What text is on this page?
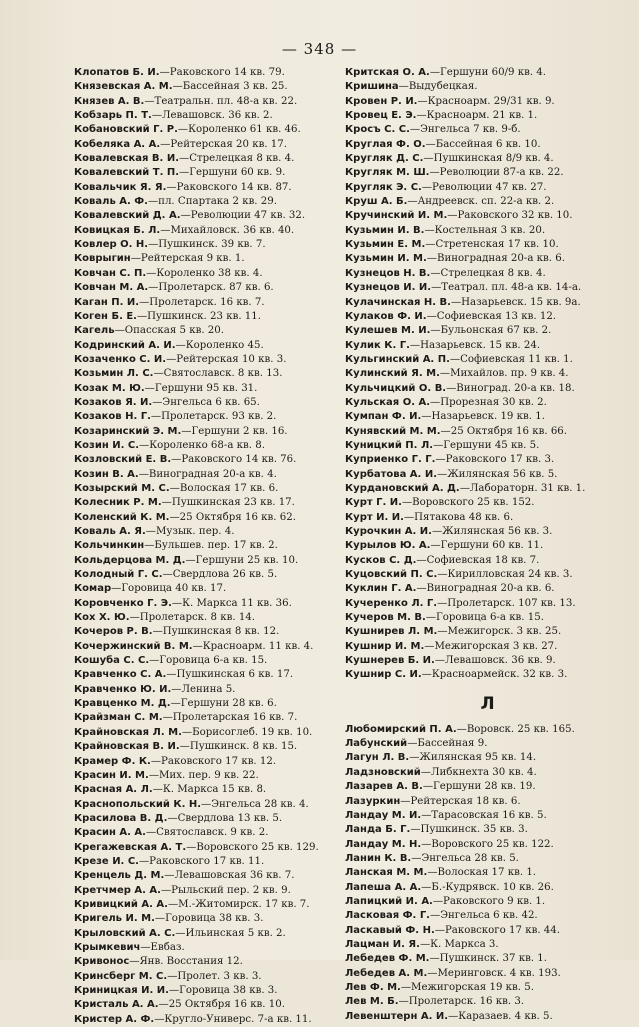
— 348 —
Клопатов Б. И.—Раковского 14 кв. 79.
Князевская А. М.—Бассейная 3 кв. 25.
Князев А. В.—Театральн. пл. 48-а кв. 22.
Кобзарь П. Т.—Левашовск. 36 кв. 2.
Кобановский Г. Р.—Короленко 61 кв. 46.
Кобеляка А. А.—Рейтерская 20 кв. 17.
Ковалевская В. И.—Стрелецкая 8 кв. 4.
Ковалевский Т. П.—Гершуни 60 кв. 9.
Ковальчик Я. Я.—Раковского 14 кв. 87.
Коваль А. Ф.—пл. Спартака 2 кв. 29.
Ковалевский Д. А.—Революции 47 кв. 32.
Ковицкая Б. Л.—Михайловск. 36 кв. 40.
Ковлер О. Н.—Пушкинск. 39 кв. 7.
Коврыгин—Рейтерская 9 кв. 1.
Ковчан С. П.—Короленко 38 кв. 4.
Ковчан М. А.—Пролетарск. 87 кв. 6.
Каган П. И.—Пролетарск. 16 кв. 7.
Коген Б. Е.—Пушкинск. 23 кв. 11.
Кагель—Опасская 5 кв. 20.
Кодринский А. И.—Короленко 45.
Козаченко С. И.—Рейтерская 10 кв. 3.
Козьмин Л. С.—Святославск. 8 кв. 13.
Козак М. Ю.—Гершуни 95 кв. 31.
Козаков Я. И.—Энгельса 6 кв. 65.
Козаков Н. Г.—Пролетарск. 93 кв. 2.
Козаринский Э. М.—Гершуни 2 кв. 16.
Козин И. С.—Короленко 68-а кв. 8.
Козловский Е. В.—Раковского 14 кв. 76.
Козин В. А.—Виноградная 20-а кв. 4.
Козырский М. С.—Волоская 17 кв. 6.
Колесник Р. М.—Пушкинская 23 кв. 17.
Коленский К. М.—25 Октября 16 кв. 62.
Коваль А. Я.—Музык. пер. 4.
Кольчинкин—Бульшев. пер. 17 кв. 2.
Кольдерцова М. Д.—Гершуни 25 кв. 10.
Колодный Г. С.—Свердлова 26 кв. 5.
Комар—Горовица 40 кв. 17.
Коровченко Г. Э.—К. Маркса 11 кв. 36.
Кох Х. Ю.—Пролетарск. 8 кв. 14.
Кочеров Р. В.—Пушкинская 8 кв. 12.
Кочержинский В. М.—Красноарм. 11 кв. 4.
Кошуба С. С.—Горовица 6-а кв. 15.
Кравченко С. А.—Пушкинская 6 кв. 17.
Кравченко Ю. И.—Ленина 5.
Кравценко М. Д.—Гершуни 28 кв. 6.
Крайзман С. М.—Пролетарская 16 кв. 7.
Крайновская Л. М.—Борисоглеб. 19 кв. 10.
Крайновская В. И.—Пушкинск. 8 кв. 15.
Крамер Ф. К.—Раковского 17 кв. 12.
Красин И. М.—Мих. пер. 9 кв. 22.
Красная А. Л.—К. Маркса 15 кв. 8.
Краснопольский К. Н.—Энгельса 28 кв. 4.
Красилова В. Д.—Свердлова 13 кв. 5.
Красин А. А.—Святославск. 9 кв. 2.
Крегажевская А. Т.—Воровского 25 кв. 129.
Крезе И. С.—Раковского 17 кв. 11.
Кренцель Д. М.—Левашовская 36 кв. 7.
Кретчмер А. А.—Рыльский пер. 2 кв. 9.
Кривицкий А. А.—М.-Житомирск. 17 кв. 7.
Кригель И. М.—Горовица 38 кв. 3.
Крыловский А. С.—Ильинская 5 кв. 2.
Крымкевич—Евбаз.
Кривонос—Янв. Восстания 12.
Кринсберг М. С.—Пролет. 3 кв. 3.
Криницкая И. И.—Горовица 38 кв. 3.
Кристаль А. А.—25 Октября 16 кв. 10.
Кристер А. Ф.—Кругло-Универс. 7-а кв. 11.
Критская О. А.—Гершуни 60/9 кв. 4.
Кришина—Выдубецкая.
Кровен Р. И.—Красноарм. 29/31 кв. 9.
Кровец Е. Э.—Красноарм. 21 кв. 1.
Кросъ С. С.—Энгельса 7 кв. 9-б.
Круглая Ф. О.—Бассейная 6 кв. 10.
Кругляк Д. С.—Пушкинская 8/9 кв. 4.
Кругляк М. Ш.—Революции 87-а кв. 22.
Кругляк Э. С.—Революции 47 кв. 27.
Круш А. Б.—Андреевск. сп. 22-а кв. 2.
Кручинский И. М.—Раковского 32 кв. 10.
Кузьмин И. В.—Костельная 3 кв. 20.
Кузьмин Е. М.—Стретенская 17 кв. 10.
Кузьмин И. М.—Виноградная 20-а кв. 6.
Кузнецов Н. В.—Стрелецкая 8 кв. 4.
Кузнецов И. И.—Театрал. пл. 48-а кв. 14-а.
Кулачинская Н. В.—Назарьевск. 15 кв. 9а.
Кулаков Ф. И.—Софиевская 13 кв. 12.
Кулешев М. И.—Бульонская 67 кв. 2.
Кулик К. Г.—Назарьевск. 15 кв. 24.
Кульгинский А. П.—Софиевская 11 кв. 1.
Кулинский Я. М.—Михайлов. пр. 9 кв. 4.
Кульчицкий О. В.—Виноград. 20-а кв. 18.
Кульская О. А.—Прорезная 30 кв. 2.
Кумпан Ф. И.—Назарьевск. 19 кв. 1.
Кунявский М. М.—25 Октября 16 кв. 66.
Куницкий П. Л.—Гершуни 45 кв. 5.
Куприенко Г. Г.—Раковского 17 кв. 3.
Курбатова А. И.—Жилянская 56 кв. 5.
Курдановский А. Д.—Лабораторн. 31 кв. 1.
Курт Г. И.—Воровского 25 кв. 152.
Курт И. И.—Пятакова 48 кв. 6.
Курочкин А. И.—Жилянская 56 кв. 3.
Курылов Ю. А.—Гершуни 60 кв. 11.
Кусков С. Д.—Софиевская 18 кв. 7.
Куцовский П. С.—Кирилловская 24 кв. 3.
Куклин Г. А.—Виноградная 20-а кв. 6.
Кучеренко Л. Г.—Пролетарск. 107 кв. 13.
Кучеров М. В.—Горовица 6-а кв. 15.
Кушнирев Л. М.—Межигорск. 3 кв. 25.
Кушнир И. М.—Межигорская 3 кв. 27.
Кушнерев Б. И.—Левашовск. 36 кв. 9.
Кушнир С. И.—Красноармейск. 32 кв. 3.
Л
Любомирский П. А.—Воровск. 25 кв. 165.
Лабунский—Бассейная 9.
Лагун Л. В.—Жилянская 95 кв. 14.
Ладзновский—Либкнехта 30 кв. 4.
Лазарев А. В.—Гершуни 28 кв. 19.
Лазуркин—Рейтерская 18 кв. 6.
Ландау М. И.—Тарасовская 16 кв. 5.
Ланда Б. Г.—Пушкинск. 35 кв. 3.
Ландау М. Н.—Воровского 25 кв. 122.
Ланин К. В.—Энгельса 28 кв. 5.
Ланская М. М.—Волоская 17 кв. 1.
Лапеша А. А.—Б.-Кудрявск. 10 кв. 26.
Лапицкий И. А.—Раковского 9 кв. 1.
Ласковая Ф. Г.—Энгельса 6 кв. 42.
Ласкавый Ф. Н.—Раковского 17 кв. 44.
Лацман И. Я.—К. Маркса 3.
Лебедев Ф. М.—Пушкинск. 37 кв. 1.
Лебедев А. М.—Меринговск. 4 кв. 193.
Лев Ф. М.—Межигорская 19 кв. 5.
Лев М. Б.—Пролетарск. 16 кв. 3.
Левенштерн А. И.—Каразаев. 4 кв. 5.
